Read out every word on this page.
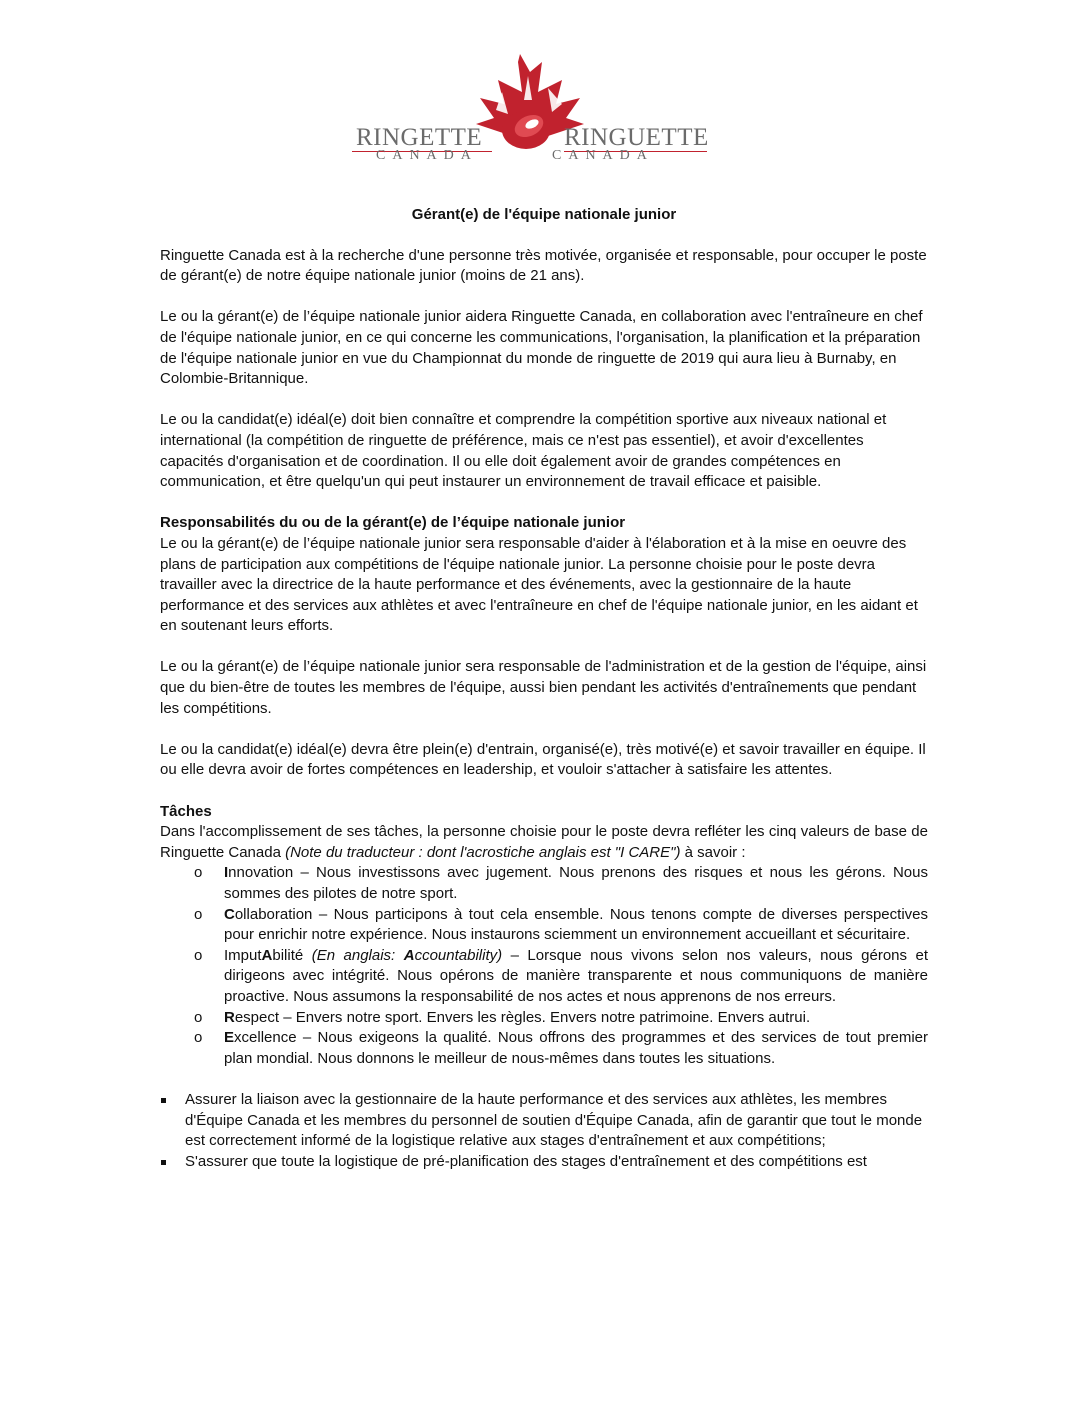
RINGETTE	RINGUETTE
CANADA	CANADA
Gérant(e) de l'équipe nationale junior

Ringuette Canada est à la recherche d'une personne très motivée, organisée et responsable, pour occuper le poste de gérant(e) de notre équipe nationale junior (moins de 21 ans).

Le ou la gérant(e) de l’équipe nationale junior aidera Ringuette Canada, en collaboration avec l'entraîneure en chef de l'équipe nationale junior, en ce qui concerne les communications, l'organisation, la planification et la préparation de l'équipe nationale junior en vue du Championnat du monde de ringuette de 2019 qui aura lieu à Burnaby, en Colombie-Britannique.

Le ou la candidat(e) idéal(e) doit bien connaître et comprendre la compétition sportive aux niveaux national et international (la compétition de ringuette de préférence, mais ce n'est pas essentiel), et avoir d'excellentes capacités d'organisation et de coordination. Il ou elle doit également avoir de grandes compétences en communication, et être quelqu'un qui peut instaurer un environnement de travail efficace et paisible.

Responsabilités du ou de la gérant(e) de l’équipe nationale junior

Le ou la gérant(e) de l’équipe nationale junior sera responsable d'aider à l'élaboration et à la mise en oeuvre des plans de participation aux compétitions de l'équipe nationale junior. La personne choisie pour le poste devra travailler avec la directrice de la haute performance et des événements, avec la gestionnaire de la haute performance et des services aux athlètes et avec l'entraîneure en chef de l'équipe nationale junior, en les aidant et en soutenant leurs efforts.

Le ou la gérant(e) de l’équipe nationale junior sera responsable de l'administration et de la gestion de l'équipe, ainsi que du bien-être de toutes les membres de l'équipe, aussi bien pendant les activités d'entraînements que pendant les compétitions.

Le ou la candidat(e) idéal(e) devra être plein(e) d'entrain, organisé(e), très motivé(e) et savoir travailler en équipe. Il ou elle devra avoir de fortes compétences en leadership, et vouloir s'attacher à satisfaire les attentes.

Tâches
Dans l'accomplissement de ses tâches, la personne choisie pour le poste devra refléter les cinq valeurs de base de Ringuette Canada (Note du traducteur : dont l'acrostiche anglais est "I CARE") à savoir :
o Innovation – Nous investissons avec jugement. Nous prenons des risques et nous les gérons. Nous sommes des pilotes de notre sport.
o Collaboration – Nous participons à tout cela ensemble. Nous tenons compte de diverses perspectives pour enrichir notre expérience. Nous instaurons sciemment un environnement accueillant et sécuritaire.
o ImputAbilité (En anglais: Accountability) – Lorsque nous vivons selon nos valeurs, nous gérons et dirigeons avec intégrité. Nous opérons de manière transparente et nous communiquons de manière proactive. Nous assumons la responsabilité de nos actes et nous apprenons de nos erreurs.
o Respect – Envers notre sport. Envers les règles. Envers notre patrimoine. Envers autrui.
o Excellence – Nous exigeons la qualité. Nous offrons des programmes et des services de tout premier plan mondial. Nous donnons le meilleur de nous-mêmes dans toutes les situations.
Assurer la liaison avec la gestionnaire de la haute performance et des services aux athlètes, les membres d'Équipe Canada et les membres du personnel de soutien d'Équipe Canada, afin de garantir que tout le monde est correctement informé de la logistique relative aux stages d'entraînement et aux compétitions;
S'assurer que toute la logistique de pré-planification des stages d'entraînement et des compétitions est
